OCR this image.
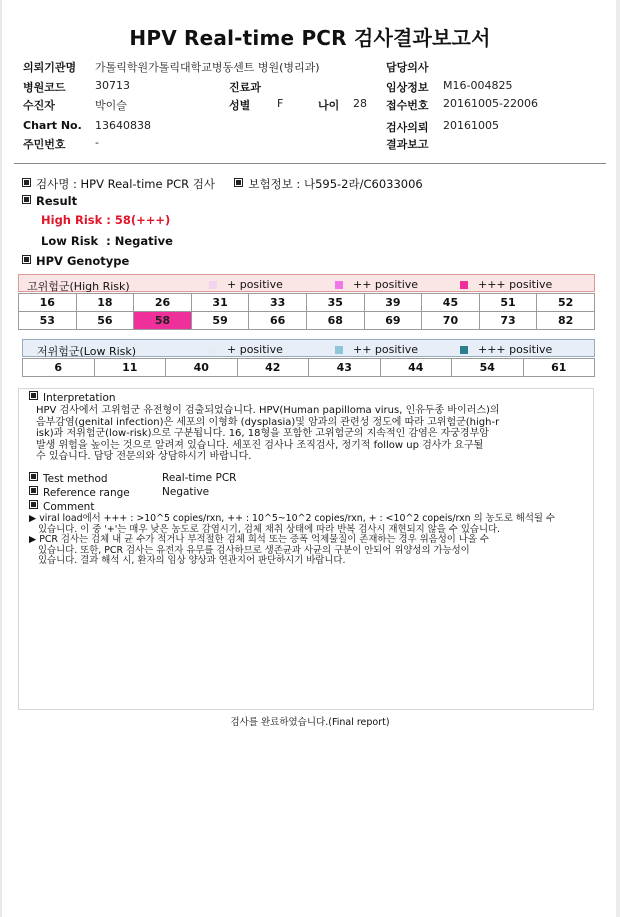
HPV Real-time PCR 검사결과보고서
의뢰기관명 가톨릭학원가톨릭대학교병동센트 병원(병리과)	담당의사
병원코드	30713	진료과	임상정보 M16-004825
수진자	박이슬	성별 F	나이 28 접수번호 20161005-22006
Chart No. 13640838	검사의뢰 20161005
주민번호	-	결과보고
검사명 : HPV Real-time PCR 검사	보험정보 : 나595-2라/C6033006
Result
High Risk : 58(+++)
Low Risk  : Negative
HPV Genotype
고위험군(High Risk)	+ positive	++ positive	+++ positive
16	18	26	31	33	35	39	45	51	52
53	56	58	59	66	68	69	70	73	82
저위험군(Low Risk)	+ positive	++ positive	+++ positive
6	11	40	42	43	44	54	61
Interpretation
HPV 검사에서 고위험군 유전형이 검출되었습니다. HPV(Human papilloma virus, 인유두종 바이러스)의
음부감염(genital infection)은 세포의 이형화 (dysplasia)및 암과의 관련성 정도에 따라 고위험군(high-r
isk)과 저위험군(low-risk)으로 구분됩니다. 16, 18형을 포함한 고위험군의 지속적인 감염은 자궁경부암
발생 위험을 높이는 것으로 알려져 있습니다. 세포진 검사나 조직검사, 정기적 follow up 검사가 요구될
수 있습니다. 담당 전문의와 상담하시기 바랍니다.
Test method	Real-time PCR
Reference range	Negative
Comment
▶ viral load에서 +++ : >10^5 copies/rxn, ++ : 10^5~10^2 copies/rxn, + : <10^2 copeis/rxn 의 농도로 해석될 수
있습니다. 이 중 '+'는 매우 낮은 농도로 감염시기, 검체 채취 상태에 따라 반복 검사시 재현되지 않을 수 있습니다.
▶ PCR 검사는 검체 내 균 수가 적거나 부적절한 검체 희석 또는 증폭 억제물질이 존재하는 경우 위음성이 나올 수
있습니다. 또한, PCR 검사는 유전자 유무를 검사하므로 생존균과 사균의 구분이 안되어 위양성의 가능성이
있습니다. 결과 해석 시, 환자의 임상 양상과 연관지어 판단하시기 바랍니다.
검사를 완료하였습니다.(Final report)
